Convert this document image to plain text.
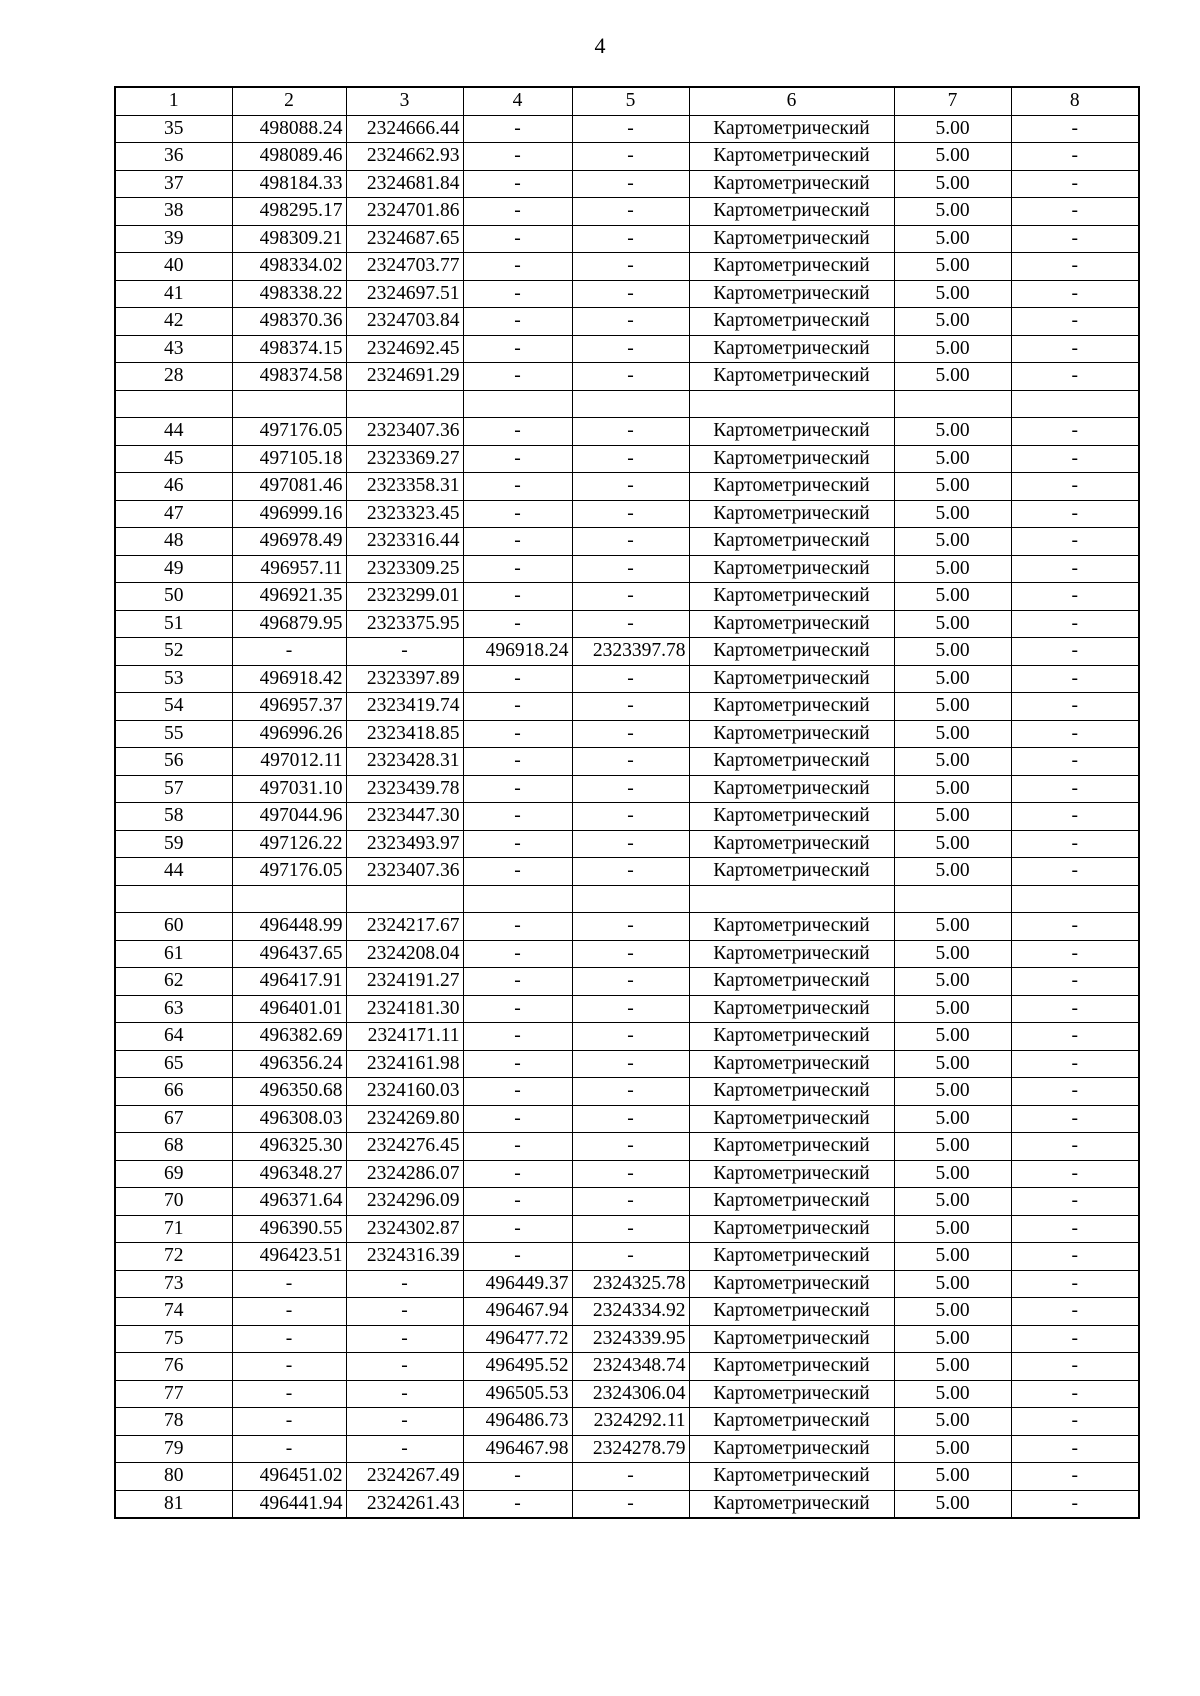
4
1	2	3	4	5	6	7	8
35	498088.24	2324666.44	-	-	Картометрический	5.00	-
36	498089.46	2324662.93	-	-	Картометрический	5.00	-
37	498184.33	2324681.84	-	-	Картометрический	5.00	-
38	498295.17	2324701.86	-	-	Картометрический	5.00	-
39	498309.21	2324687.65	-	-	Картометрический	5.00	-
40	498334.02	2324703.77	-	-	Картометрический	5.00	-
41	498338.22	2324697.51	-	-	Картометрический	5.00	-
42	498370.36	2324703.84	-	-	Картометрический	5.00	-
43	498374.15	2324692.45	-	-	Картометрический	5.00	-
28	498374.58	2324691.29	-	-	Картометрический	5.00	-

44	497176.05	2323407.36	-	-	Картометрический	5.00	-
45	497105.18	2323369.27	-	-	Картометрический	5.00	-
46	497081.46	2323358.31	-	-	Картометрический	5.00	-
47	496999.16	2323323.45	-	-	Картометрический	5.00	-
48	496978.49	2323316.44	-	-	Картометрический	5.00	-
49	496957.11	2323309.25	-	-	Картометрический	5.00	-
50	496921.35	2323299.01	-	-	Картометрический	5.00	-
51	496879.95	2323375.95	-	-	Картометрический	5.00	-
52	-	-	496918.24	2323397.78	Картометрический	5.00	-
53	496918.42	2323397.89	-	-	Картометрический	5.00	-
54	496957.37	2323419.74	-	-	Картометрический	5.00	-
55	496996.26	2323418.85	-	-	Картометрический	5.00	-
56	497012.11	2323428.31	-	-	Картометрический	5.00	-
57	497031.10	2323439.78	-	-	Картометрический	5.00	-
58	497044.96	2323447.30	-	-	Картометрический	5.00	-
59	497126.22	2323493.97	-	-	Картометрический	5.00	-
44	497176.05	2323407.36	-	-	Картометрический	5.00	-

60	496448.99	2324217.67	-	-	Картометрический	5.00	-
61	496437.65	2324208.04	-	-	Картометрический	5.00	-
62	496417.91	2324191.27	-	-	Картометрический	5.00	-
63	496401.01	2324181.30	-	-	Картометрический	5.00	-
64	496382.69	2324171.11	-	-	Картометрический	5.00	-
65	496356.24	2324161.98	-	-	Картометрический	5.00	-
66	496350.68	2324160.03	-	-	Картометрический	5.00	-
67	496308.03	2324269.80	-	-	Картометрический	5.00	-
68	496325.30	2324276.45	-	-	Картометрический	5.00	-
69	496348.27	2324286.07	-	-	Картометрический	5.00	-
70	496371.64	2324296.09	-	-	Картометрический	5.00	-
71	496390.55	2324302.87	-	-	Картометрический	5.00	-
72	496423.51	2324316.39	-	-	Картометрический	5.00	-
73	-	-	496449.37	2324325.78	Картометрический	5.00	-
74	-	-	496467.94	2324334.92	Картометрический	5.00	-
75	-	-	496477.72	2324339.95	Картометрический	5.00	-
76	-	-	496495.52	2324348.74	Картометрический	5.00	-
77	-	-	496505.53	2324306.04	Картометрический	5.00	-
78	-	-	496486.73	2324292.11	Картометрический	5.00	-
79	-	-	496467.98	2324278.79	Картометрический	5.00	-
80	496451.02	2324267.49	-	-	Картометрический	5.00	-
81	496441.94	2324261.43	-	-	Картометрический	5.00	-
